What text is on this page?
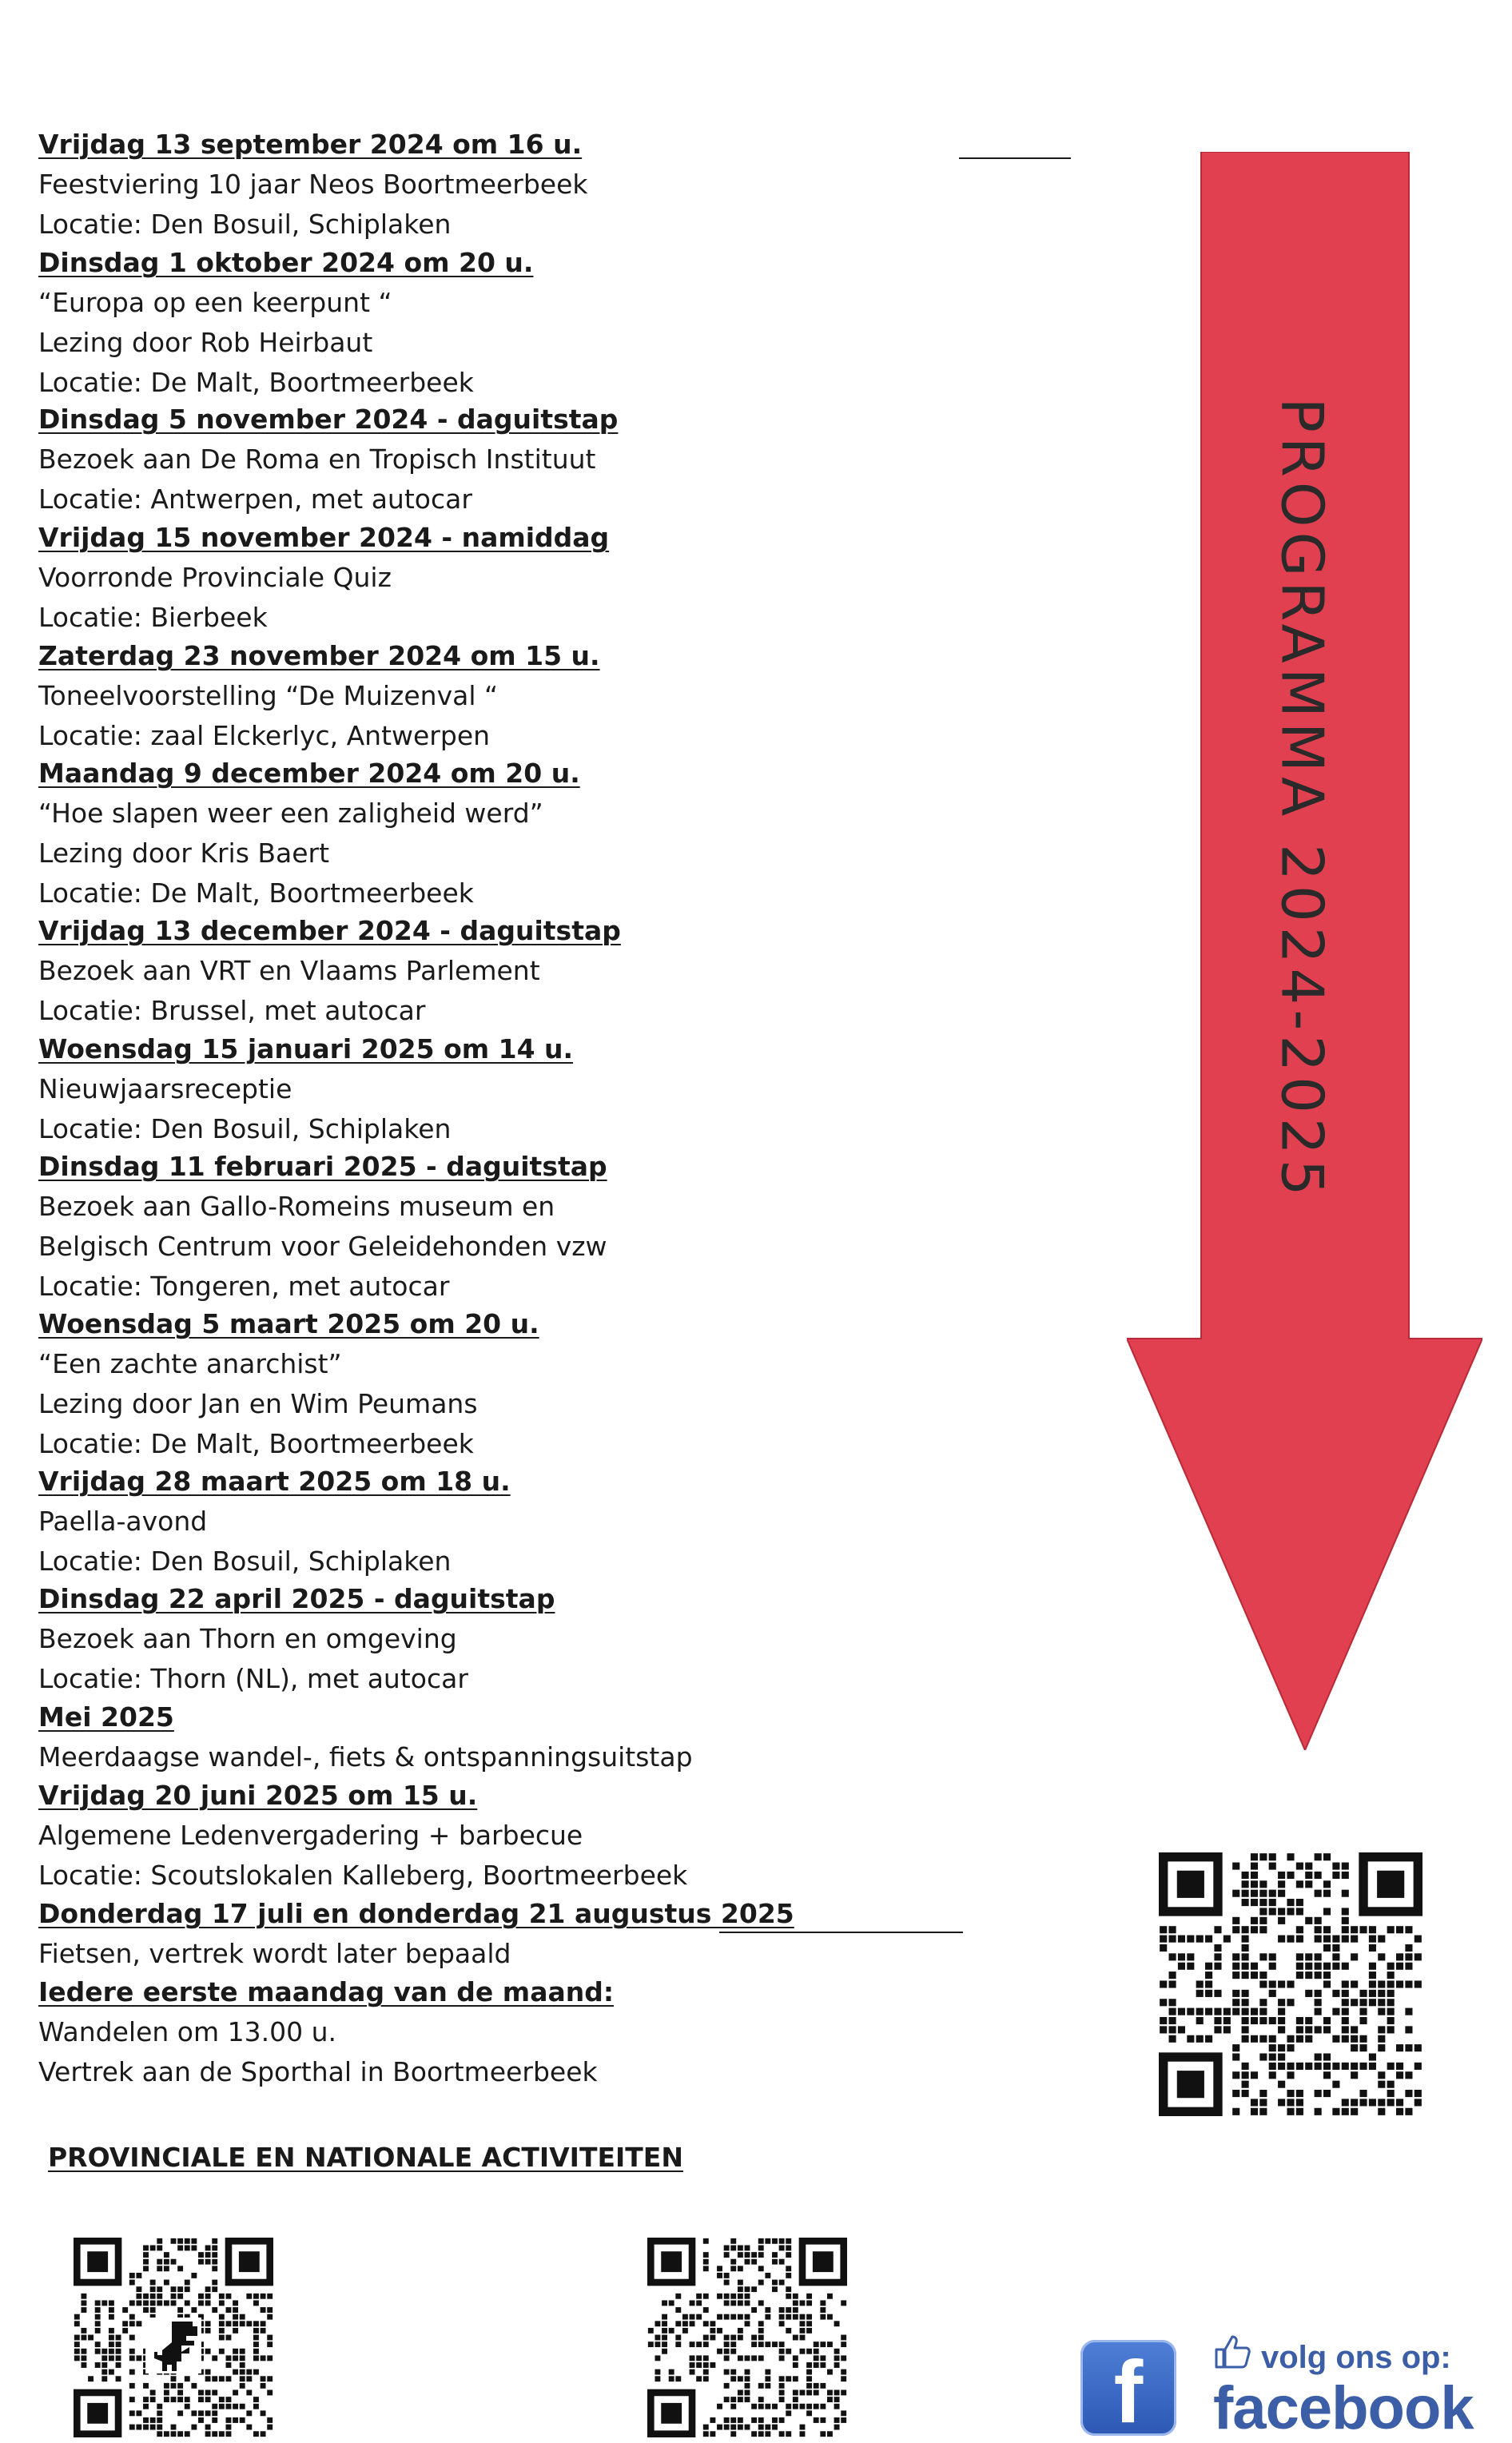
Vrijdag 13 september 2024 om 16 u.
Feestviering 10 jaar Neos Boortmeerbeek
Locatie: Den Bosuil, Schiplaken
Dinsdag 1 oktober 2024 om 20 u.
“Europa op een keerpunt “
Lezing door Rob Heirbaut
Locatie: De Malt, Boortmeerbeek
Dinsdag 5 november 2024 - daguitstap
Bezoek aan De Roma en Tropisch Instituut
Locatie: Antwerpen, met autocar
Vrijdag 15 november 2024 - namiddag
Voorronde Provinciale Quiz
Locatie: Bierbeek
Zaterdag 23 november 2024 om 15 u.
Toneelvoorstelling “De Muizenval “
Locatie: zaal Elckerlyc, Antwerpen
Maandag 9 december 2024 om 20 u.
“Hoe slapen weer een zaligheid werd”
Lezing door Kris Baert
Locatie: De Malt, Boortmeerbeek
Vrijdag 13 december 2024 - daguitstap
Bezoek aan VRT en Vlaams Parlement
Locatie: Brussel, met autocar
Woensdag 15 januari 2025 om 14 u.
Nieuwjaarsreceptie
Locatie: Den Bosuil, Schiplaken
Dinsdag 11 februari 2025 - daguitstap
Bezoek aan Gallo-Romeins museum en
Belgisch Centrum voor Geleidehonden vzw
Locatie: Tongeren, met autocar
Woensdag 5 maart 2025 om 20 u.
“Een zachte anarchist”
Lezing door Jan en Wim Peumans
Locatie: De Malt, Boortmeerbeek
Vrijdag 28 maart 2025 om 18 u.
Paella-avond
Locatie: Den Bosuil, Schiplaken
Dinsdag 22 april 2025 - daguitstap
Bezoek aan Thorn en omgeving
Locatie: Thorn (NL), met autocar
Mei 2025
Meerdaagse wandel-, fiets & ontspanningsuitstap
Vrijdag 20 juni 2025 om 15 u.
Algemene Ledenvergadering + barbecue
Locatie: Scoutslokalen Kalleberg, Boortmeerbeek
Donderdag 17 juli en donderdag 21 augustus 2025
Fietsen, vertrek wordt later bepaald
Iedere eerste maandag van de maand:
Wandelen om 13.00 u.
Vertrek aan de Sporthal in Boortmeerbeek
PROGRAMMA 2024-2025
PROVINCIALE EN NATIONALE ACTIVITEITEN
f	volg ons op:
facebook
